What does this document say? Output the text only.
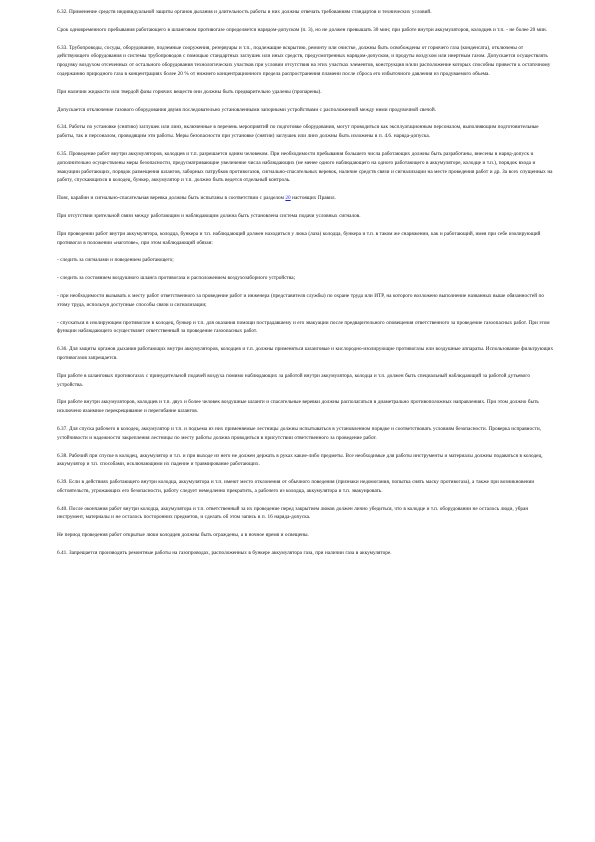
6.32. Применение средств индивидуальной защиты органов дыхания и длительность работы в них должны отвечать требованиям стандартов и технических условий.

Срок одновременного пребывания работающего в шланговом противогазе определяется нарядом-допуском (п. 3), но не должен превышать 30 мин; при работе внутри аккумуляторов, колодцев и т.п. - не более 20 мин.

6.33. Трубопроводы, сосуды, оборудование, подземные сооружения, резервуары и т.п., подлежащие вскрытию, ремонту или очистке, должны быть освобождены от горючего газа (конденсата), отключены от действующего оборудования и системы трубопроводов с помощью стандартных заглушек или иных средств, предусмотренных нарядом-допуском, и продуты воздухом или инертным газом. Допускается осуществлять продувку воздухом отсеченных от остального оборудования технологических участков при условии отсутствия на этих участках элементов, конструкция и/или расположение которых способны привести к остаточному содержанию природного газа в концентрациях более 20 % от нижнего концентрационного предела распространения пламени после сброса его избыточного давления из продуваемого объема.

При наличии жидкости или твердой фазы горючих веществ они должны быть предварительно удалены (пропарены).

Допускается отключение газового оборудования двумя последовательно установленными запорными устройствами с расположенной между ними продувочной свечой.

6.34. Работы по установке (снятию) заглушек или линз, включенные в перечень мероприятий по подготовке оборудования, могут проводиться как эксплуатационным персоналом, выполняющим подготовительные работы, так и персоналом, проводящим эти работы. Меры безопасности при установке (снятии) заглушек или линз должны быть изложены в п. 4.6. наряда-допуска.

6.35. Проведение работ внутри аккумуляторов, колодцев и т.п. разрешается одним человеком. При необходимости пребывания большего числа работающих должны быть разработаны, внесены в наряд-допуск и дополнительно осуществлены меры безопасности, предусматривающие увеличение числа наблюдающих (не менее одного наблюдающего на одного работающего в аккумуляторе, колодце и т.п.), порядок входа и эвакуации работающих, порядок размещения шлангов, заборных патрубков противогазов, сигнально-спасательных веревок, наличие средств связи и сигнализации на месте проведения работ и др. За всех спущенных на работу, спускающихся в колодец, бункер, аккумулятор и т.п. должно быть ведется отдельный контроль.

Пояс, карабин и сигнально-спасательная веревка должны быть испытаны в соответствии с разделом 20 настоящих Правил.

При отсутствии зрительной связи между работающим и наблюдающим должна быть установлена система подачи условных сигналов.

При проведении работ внутри аккумулятора, колодца, бункера и т.п. наблюдающий должен находиться у люка (лаза) колодца, бункера и т.п. в таком же снаряжении, как и работающий, имея при себе изолирующий противогаз в положении «наготове», при этом наблюдающий обязан:

- следить за сигналами и поведением работающего;

- следить за состоянием воздушного шланга противогаза и расположением воздухозаборного устройства;

- при необходимости вызывать к месту работ ответственного за проведение работ и инженера (представителя службы) по охране труда или ИТР, на которого возложено выполнение названных выше обязанностей по этому труда, используя доступные способы связи и сигнализации;

- спускаться в изолирующем противогазе в колодец, бункер и т.п. для оказания помощи пострадавшему и его эвакуации после предварительного оповещения ответственного за проведение газоопасных работ. При этом функции наблюдающего осуществляет ответственный за проведение газоопасных работ.

6.36. Для защиты органов дыхания работающих внутри аккумуляторов, колодцев и т.п. должны применяться шланговые и кислородно-изолирующие противогазы или воздушные аппараты. Использование фильтрующих противогазов запрещается.

При работе в шланговых противогазах с принудительной подачей воздуха помимо наблюдающих за работой внутри аккумулятора, колодца и т.п. должен быть специальный наблюдающий за работой дутьевого устройства.

При работе внутри аккумуляторов, колодцев и т.п. двух и более человек воздушные шланги и спасательные веревки должны располагаться в диаметрально противоположных направлениях. При этом должно быть исключено взаимное перекрещивание и перегибание шлангов.

6.37. Для спуска рабочего в колодец, аккумулятор и т.п. и подъема из них применяемые лестницы должны испытываться в установленном порядке и соответствовать условиям безопасности. Проверка исправности, устойчивости и надежности закрепления лестницы по месту работы должна проводиться в присутствии ответственного за проведение работ.

6.38. Рабочий при спуске в колодец, аккумулятор и т.п. и при выходе из него не должен держать в руках какие-либо предметы. Все необходимые для работы инструменты и материалы должны подаваться в колодец, аккумулятор и т.п. способами, исключающими их падение и травмирование работающих.

6.39. Если в действиях работающего внутри колодца, аккумулятора и т.п. имеют место отклонения от обычного поведения (признаки недомогания, попытка снять маску противогаза), а также при возникновении обстоятельств, угрожающих его безопасности, работу следует немедленно прекратить, а рабочего из колодца, аккумулятора и т.п. эвакуировать.

6.40. После окончания работ внутри колодца, аккумулятора и т.п. ответственный за их проведение перед закрытием люков должен лично убедиться, что в колодце и т.п. оборудовании не осталось люди, убран инструмент, материалы и не осталось посторонних предметов, и сделать об этом запись в п. 16 наряда-допуска.

Не период проведения работ открытые люки колодцев должны быть ограждены, а в ночное время и освещены.

6.41. Запрещается производить ремонтные работы на газопроводах, расположенных в бункере аккумулятора газа, при наличии газа в аккумуляторе.
